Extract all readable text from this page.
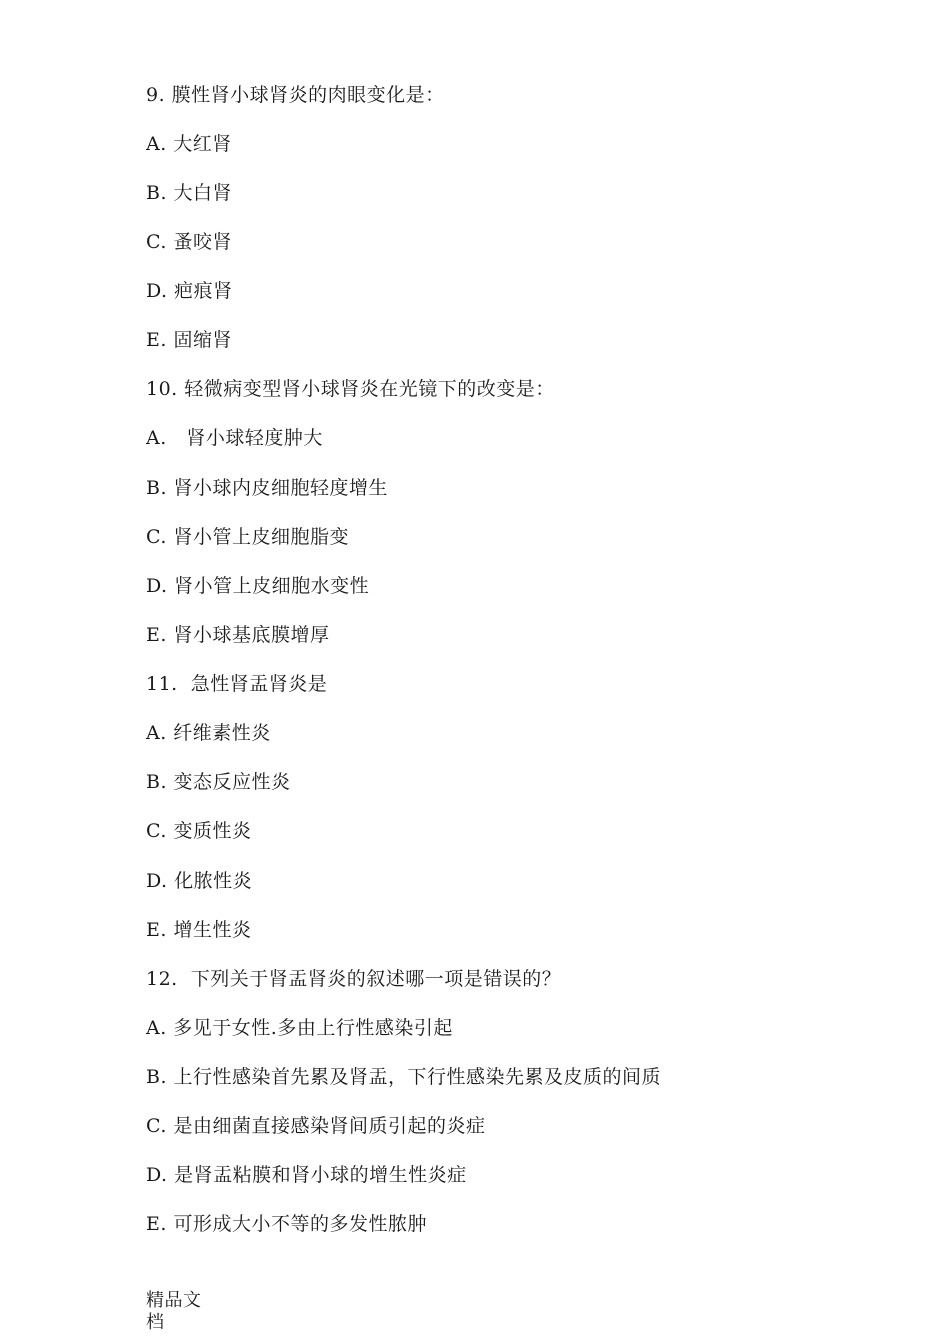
9. 膜性肾小球肾炎的肉眼变化是：
A. 大红肾
B. 大白肾
C. 蚤咬肾
D. 疤痕肾
E. 固缩肾
10. 轻微病变型肾小球肾炎在光镜下的改变是：
A.   肾小球轻度肿大
B. 肾小球内皮细胞轻度增生
C. 肾小管上皮细胞脂变
D. 肾小管上皮细胞水变性
E. 肾小球基底膜增厚
11.  急性肾盂肾炎是
A. 纤维素性炎
B. 变态反应性炎
C. 变质性炎
D. 化脓性炎
E. 增生性炎
12.  下列关于肾盂肾炎的叙述哪一项是错误的？
A. 多见于女性.多由上行性感染引起
B. 上行性感染首先累及肾盂，下行性感染先累及皮质的间质
C. 是由细菌直接感染肾间质引起的炎症
D. 是肾盂粘膜和肾小球的增生性炎症
E. 可形成大小不等的多发性脓肿
精品文
档
